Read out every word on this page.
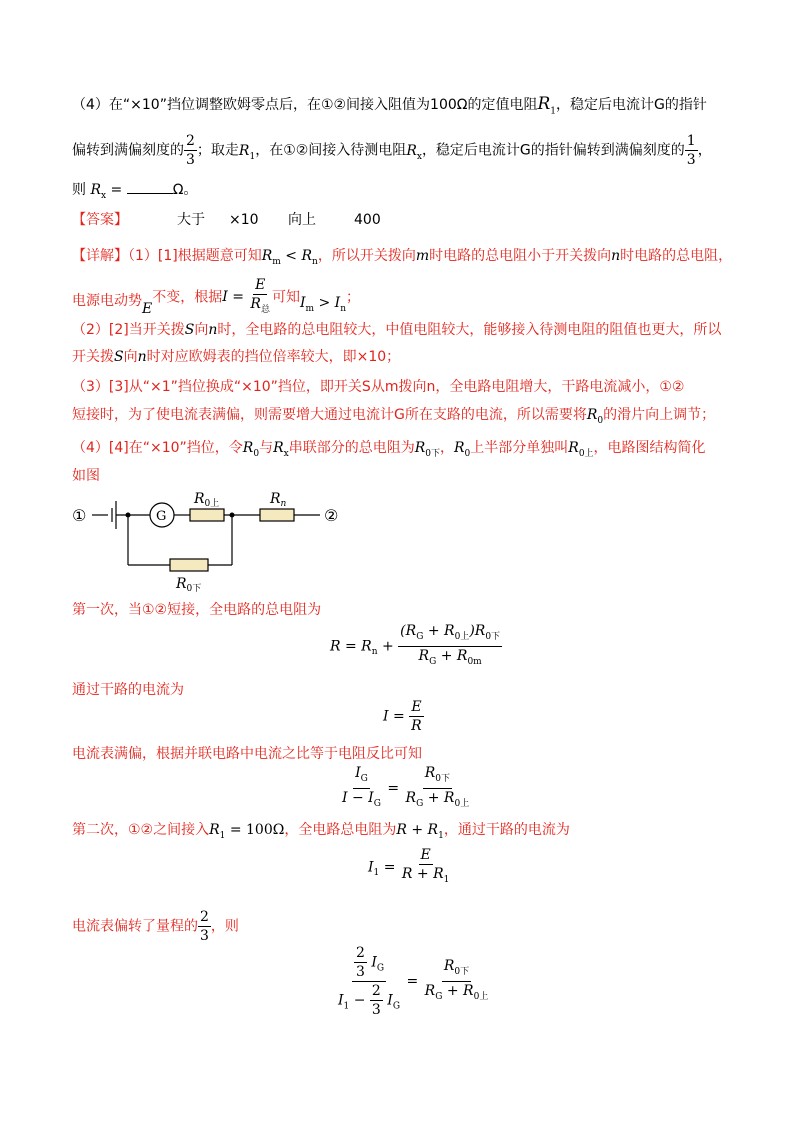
（4）在“×10”挡位调整欧姆零点后，在①②间接入阻值为100Ω的定值电阻$R_1$，稳定后电流计G的指针
偏转到满偏刻度的 $\frac{2}{3}$ ；取走$R_1$，在①②间接入待测电阻$R_x$，稳定后电流计G的指针偏转到满偏刻度的 $\frac{1}{3}$ ，
则 $R_x$ =	Ω。
【答案】	大于 ×10 向上	400
【详解】（1）[1]根据题意可知$R_m < R_n$，所以开关拨向m时电路的总电阻小于开关拨向n时电路的总电阻，
电源电动势E不变，根据$I = \frac{E}{R_总}$ 可知$I_m > I_n$；
（2）[2]当开关拨S向n时，全电路的总电阻较大，中值电阻较大，能够接入待测电阻的阻值也更大，所以
开关拨S向n时对应欧姆表的挡位倍率较大，即×10；
（3）[3]从“×1”挡位换成“×10”挡位，即开关S从m拨向n，全电路电阻增大，干路电流减小，①②
短接时，为了使电流表满偏，则需要增大通过电流计G所在支路的电流，所以需要将$R_0$的滑片向上调节；
（4）[4]在“×10”挡位，令$R_0$与$R_x$串联部分的总电阻为$R_{0下}$，$R_0$上半部分单独叫$R_{0上}$，电路图结构简化
如图
①	②
G
$R_{0上}$	$R_n$
$R_{0下}$
第一次，当①②短接，全电路的总电阻为
$R = R_n + \frac{(R_G + R_{0上})R_{0下}}{R_G + R_{0m}}$
通过干路的电流为
$I = \frac{E}{R}$
电流表满偏，根据并联电路中电流之比等于电阻反比可知
$\frac{I_G}{I - I_G} = \frac{R_{0下}}{R_G + R_{0上}}$
第二次，①②之间接入$R_1 = 100\Omega$，全电路总电阻为$R + R_1$，通过干路的电流为
$I_1 = \frac{E}{R + R_1}$
电流表偏转了量程的 $\frac{2}{3}$ ，则
$\frac{\frac{2}{3} I_G}{I_1 - \frac{2}{3} I_G} = \frac{R_{0下}}{R_G + R_{0上}}$
